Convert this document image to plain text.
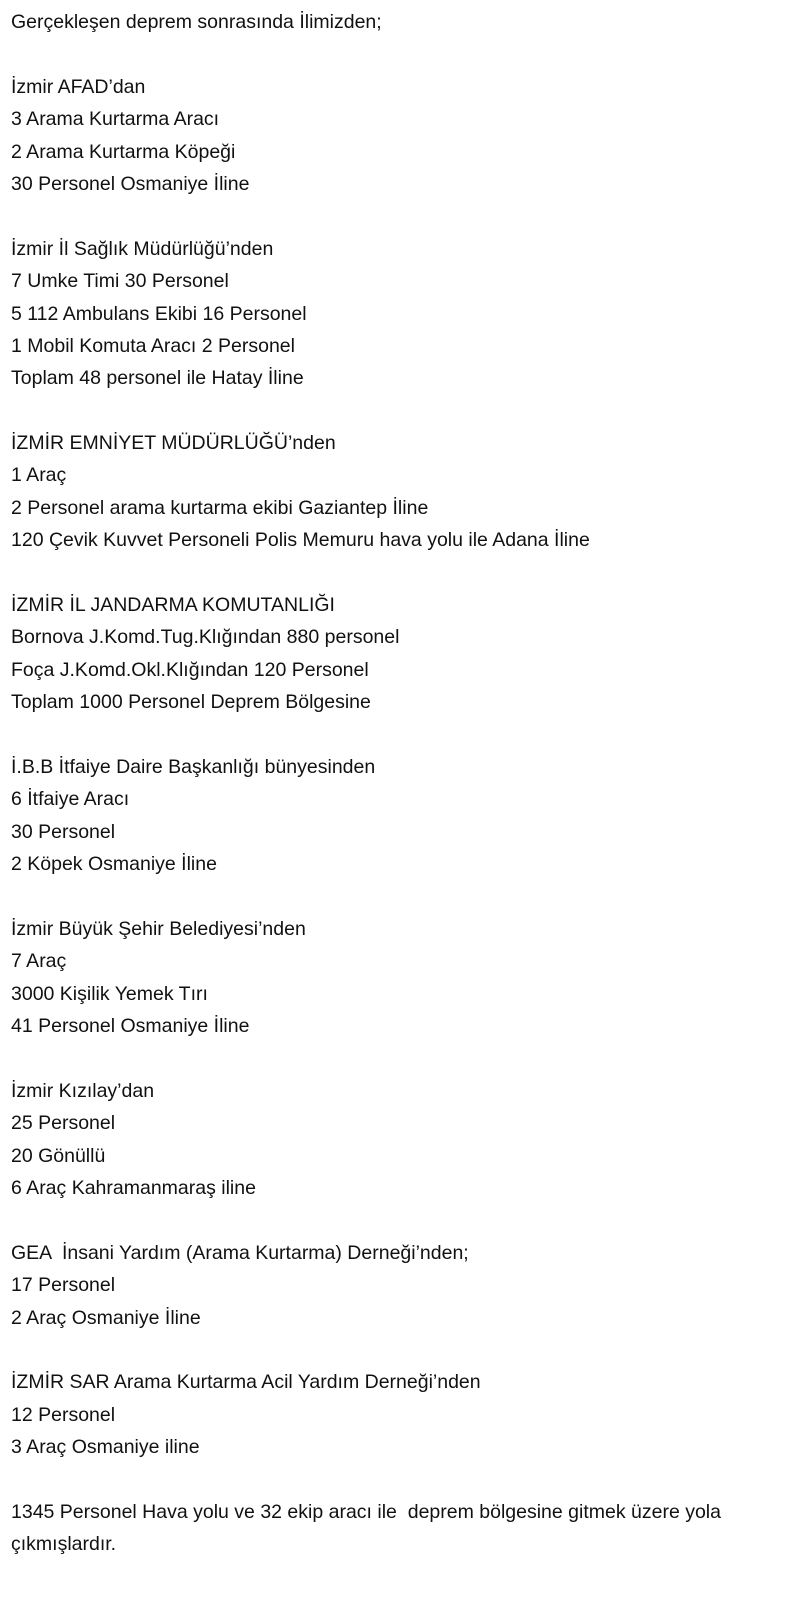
Gerçekleşen deprem sonrasında İlimizden;
İzmir AFAD’dan
3 Arama Kurtarma Aracı
2 Arama Kurtarma Köpeği
30 Personel Osmaniye İline
İzmir İl Sağlık Müdürlüğü’nden
7 Umke Timi 30 Personel
5 112 Ambulans Ekibi 16 Personel
1 Mobil Komuta Aracı 2 Personel
Toplam 48 personel ile Hatay İline
İZMİR EMNİYET MÜDÜRLÜĞÜ’nden
1 Araç
2 Personel arama kurtarma ekibi Gaziantep İline
120 Çevik Kuvvet Personeli Polis Memuru hava yolu ile Adana İline
İZMİR İL JANDARMA KOMUTANLIĞI
Bornova J.Komd.Tug.Klığından 880 personel
Foça J.Komd.Okl.Klığından 120 Personel
Toplam 1000 Personel Deprem Bölgesine
İ.B.B İtfaiye Daire Başkanlığı bünyesinden
6 İtfaiye Aracı
30 Personel
2 Köpek Osmaniye İline
İzmir Büyük Şehir Belediyesi’nden
7 Araç
3000 Kişilik Yemek Tırı
41 Personel Osmaniye İline
İzmir Kızılay’dan
25 Personel
20 Gönüllü
6 Araç Kahramanmaraş iline
GEA  İnsani Yardım (Arama Kurtarma) Derneği’nden;
17 Personel
2 Araç Osmaniye İline
İZMİR SAR Arama Kurtarma Acil Yardım Derneği’nden
12 Personel
3 Araç Osmaniye iline
1345 Personel Hava yolu ve 32 ekip aracı ile  deprem bölgesine gitmek üzere yola çıkmışlardır.
